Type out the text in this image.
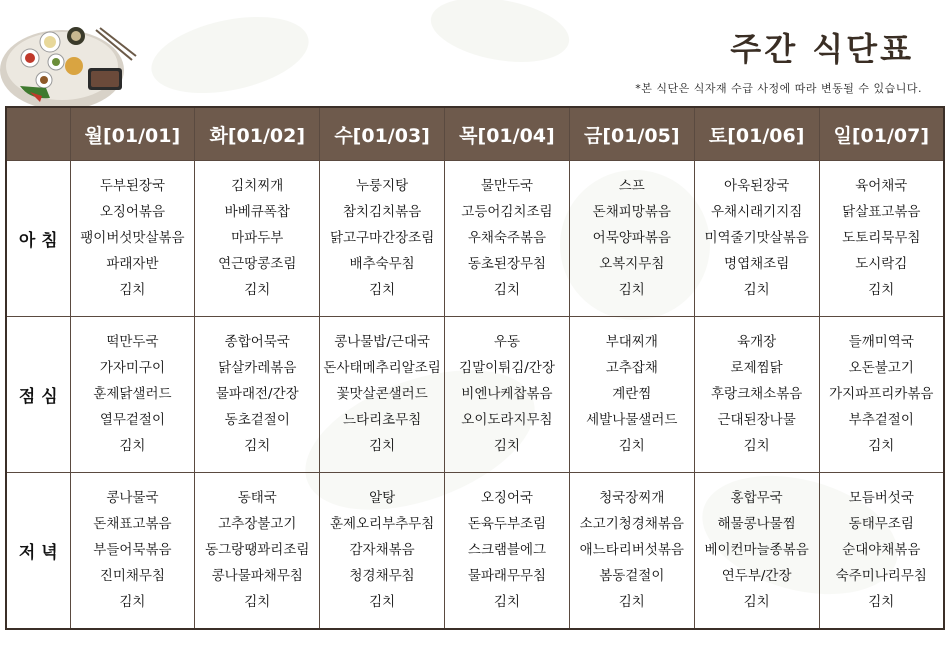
주간 식단표
*본 식단은 식자재 수급 사정에 따라 변동될 수 있습니다.
	월[01/01]	화[01/02]	수[01/03]	목[01/04]	금[01/05]	토[01/06]	일[01/07]
아 침	두부된장국
오징어볶음
팽이버섯맛살볶음
파래자반
김치	김치찌개
바베큐폭찹
마파두부
연근땅콩조림
김치	누룽지탕
참치김치볶음
닭고구마간장조림
배추숙무침
김치	물만두국
고등어김치조림
우채숙주볶음
동초된장무침
김치	스프
돈채피망볶음
어묵양파볶음
오복지무침
김치	아욱된장국
우채시래기지짐
미역줄기맛살볶음
명엽채조림
김치	육어채국
닭살표고볶음
도토리묵무침
도시락김
김치

점 심	떡만두국
가자미구이
훈제닭샐러드
열무겉절이
김치	종합어묵국
닭살카레볶음
물파래전/간장
동초겉절이
김치	콩나물밥/근대국
돈사태메추리알조림
꽃맛살콘샐러드
느타리초무침
김치	우동
김말이튀김/간장
비엔나케찹볶음
오이도라지무침
김치	부대찌개
고추잡채
계란찜
세발나물샐러드
김치	육개장
로제찜닭
후랑크채소볶음
근대된장나물
김치	들깨미역국
오돈불고기
가지파프리카볶음
부추겉절이
김치

저 녁	콩나물국
돈채표고볶음
부들어묵볶음
진미채무침
김치	동태국
고추장불고기
동그랑땡꽈리조림
콩나물파채무침
김치	알탕
훈제오리부추무침
감자채볶음
청경채무침
김치	오징어국
돈육두부조림
스크램블에그
물파래무무침
김치	청국장찌개
소고기청경채볶음
애느타리버섯볶음
봄동겉절이
김치	홍합무국
해물콩나물찜
베이컨마늘종볶음
연두부/간장
김치	모듬버섯국
동태무조림
순대야채볶음
숙주미나리무침
김치
